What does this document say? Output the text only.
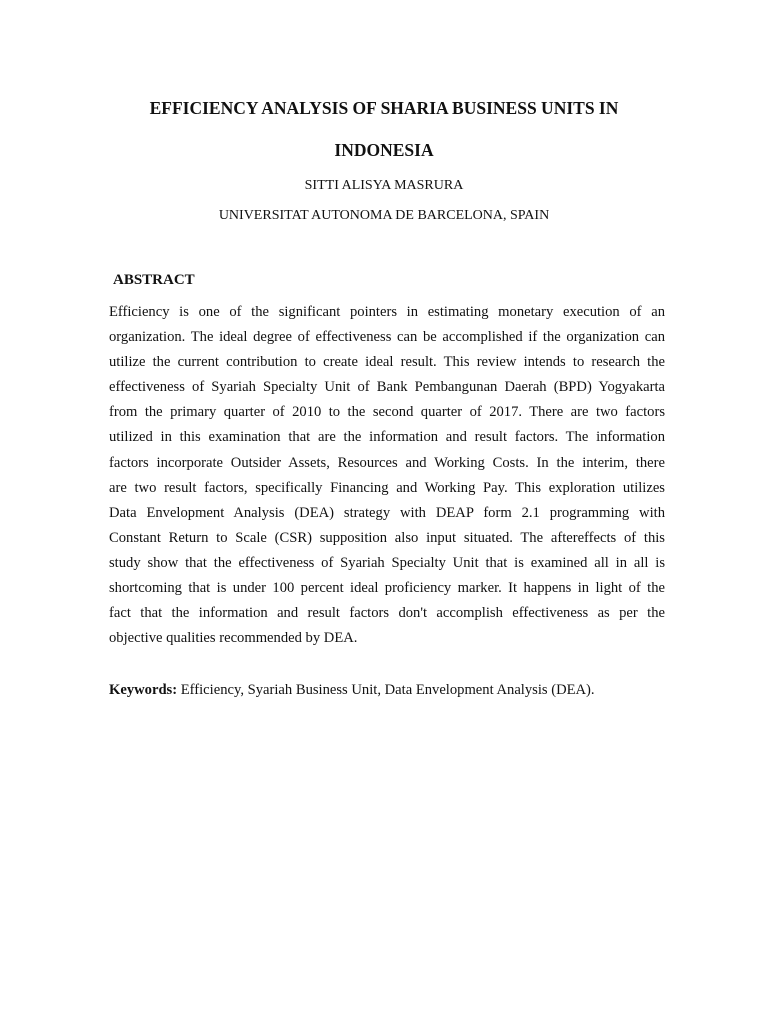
EFFICIENCY ANALYSIS OF SHARIA BUSINESS UNITS IN
INDONESIA
SITTI ALISYA MASRURA
UNIVERSITAT AUTONOMA DE BARCELONA, SPAIN
ABSTRACT
Efficiency is one of the significant pointers in estimating monetary execution of an
organization. The ideal degree of effectiveness can be accomplished if the organization can
utilize the current contribution to create ideal result. This review intends to research the
effectiveness of Syariah Specialty Unit of Bank Pembangunan Daerah (BPD) Yogyakarta
from the primary quarter of 2010 to the second quarter of 2017. There are two factors
utilized in this examination that are the information and result factors. The information
factors incorporate Outsider Assets, Resources and Working Costs. In the interim, there
are two result factors, specifically Financing and Working Pay. This exploration utilizes
Data Envelopment Analysis (DEA) strategy with DEAP form 2.1 programming with
Constant Return to Scale (CSR) supposition also input situated. The aftereffects of this
study show that the effectiveness of Syariah Specialty Unit that is examined all in all is
shortcoming that is under 100 percent ideal proficiency marker. It happens in light of the
fact that the information and result factors don't accomplish effectiveness as per the
objective qualities recommended by DEA.
Keywords: Efficiency, Syariah Business Unit, Data Envelopment Analysis (DEA).
